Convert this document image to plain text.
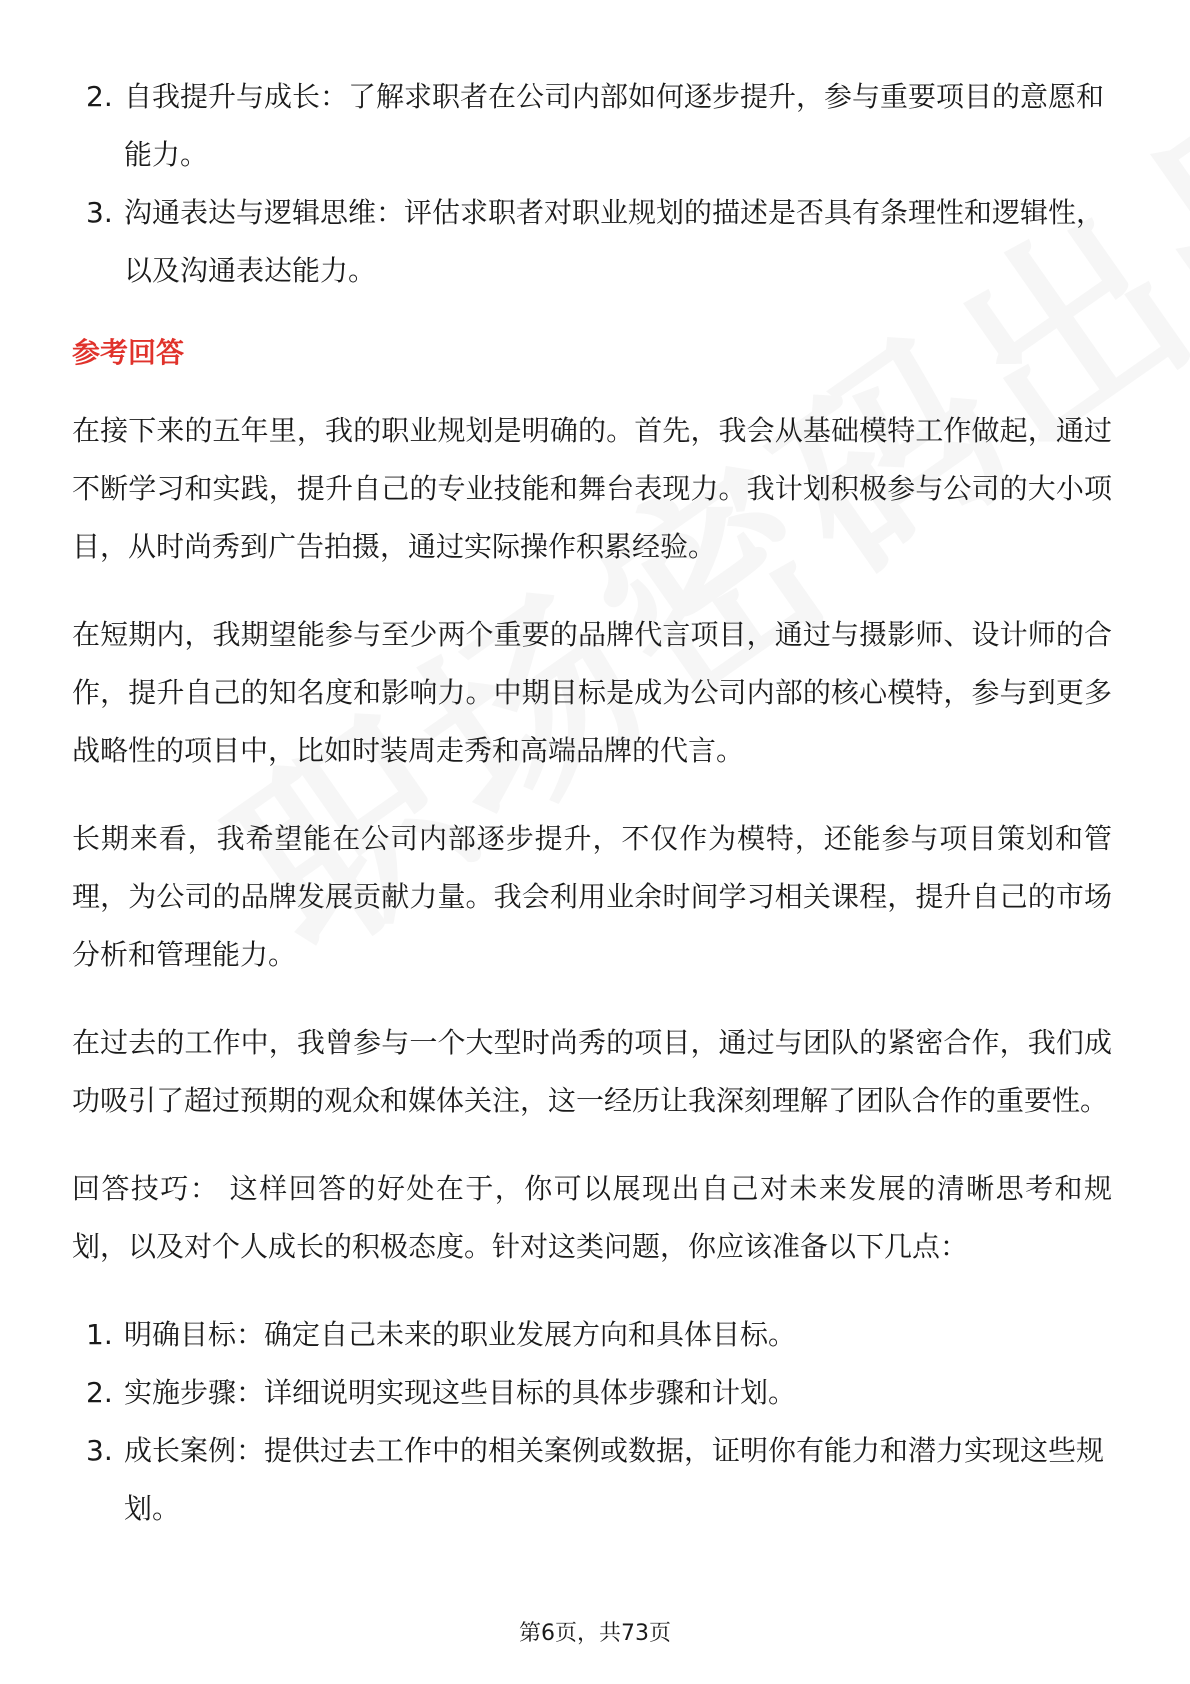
2. 自我提升与成长：了解求职者在公司内部如何逐步提升，参与重要项目的意愿和能力。
3. 沟通表达与逻辑思维：评估求职者对职业规划的描述是否具有条理性和逻辑性，以及沟通表达能力。
参考回答

在接下来的五年里，我的职业规划是明确的。首先，我会从基础模特工作做起，通过不断学习和实践，提升自己的专业技能和舞台表现力。我计划积极参与公司的大小项目，从时尚秀到广告拍摄，通过实际操作积累经验。

在短期内，我期望能参与至少两个重要的品牌代言项目，通过与摄影师、设计师的合作，提升自己的知名度和影响力。中期目标是成为公司内部的核心模特，参与到更多战略性的项目中，比如时装周走秀和高端品牌的代言。

长期来看，我希望能在公司内部逐步提升，不仅作为模特，还能参与项目策划和管理，为公司的品牌发展贡献力量。我会利用业余时间学习相关课程，提升自己的市场分析和管理能力。

在过去的工作中，我曾参与一个大型时尚秀的项目，通过与团队的紧密合作，我们成功吸引了超过预期的观众和媒体关注，这一经历让我深刻理解了团队合作的重要性。

回答技巧： 这样回答的好处在于，你可以展现出自己对未来发展的清晰思考和规划，以及对个人成长的积极态度。针对这类问题，你应该准备以下几点：

1. 明确目标：确定自己未来的职业发展方向和具体目标。
2. 实施步骤：详细说明实现这些目标的具体步骤和计划。
3. 成长案例：提供过去工作中的相关案例或数据，证明你有能力和潜力实现这些规划。
第6页，共73页
